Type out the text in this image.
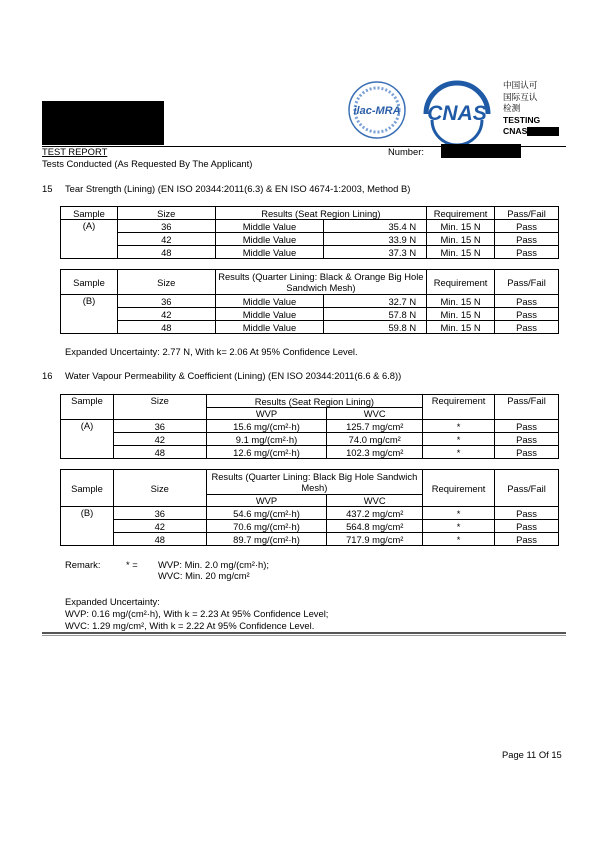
ilac-MRA CNAS
中国认可
国际互认
检测
TESTING
CNAS
TEST REPORT	Number:
Tests Conducted (As Requested By The Applicant)
15 Tear Strength (Lining) (EN ISO 20344:2011(6.3) & EN ISO 4674-1:2003, Method B)
Sample	Size	Results (Seat Region Lining)		Requirement	Pass/Fail
(A)	36	Middle Value	35.4 N	Min. 15 N	Pass
	42	Middle Value	33.9 N	Min. 15 N	Pass
	48	Middle Value	37.3 N	Min. 15 N	Pass
Sample	Size	Results (Quarter Lining: Black & Orange Big Hole Sandwich Mesh)		Requirement	Pass/Fail
(B)	36	Middle Value	32.7 N	Min. 15 N	Pass
	42	Middle Value	57.8 N	Min. 15 N	Pass
	48	Middle Value	59.8 N	Min. 15 N	Pass
Expanded Uncertainty: 2.77 N, With k= 2.06 At 95% Confidence Level.
16 Water Vapour Permeability & Coefficient (Lining) (EN ISO 20344:2011(6.6 & 6.8))
Sample	Size	Results (Seat Region Lining)		Requirement	Pass/Fail
		WVP	WVC		
(A)	36	15.6 mg/(cm²·h)	125.7 mg/cm²	*	Pass
	42	9.1 mg/(cm²·h)	74.0 mg/cm²	*	Pass
	48	12.6 mg/(cm²·h)	102.3 mg/cm²	*	Pass
Sample	Size	Results (Quarter Lining: Black Big Hole Sandwich Mesh)		Requirement	Pass/Fail
		WVP	WVC		
(B)	36	54.6 mg/(cm²·h)	437.2 mg/cm²	*	Pass
	42	70.6 mg/(cm²·h)	564.8 mg/cm²	*	Pass
	48	89.7 mg/(cm²·h)	717.9 mg/cm²	*	Pass
Remark:	* = WVP: Min. 2.0 mg/(cm²·h);
WVC: Min. 20 mg/cm²
Expanded Uncertainty:
WVP: 0.16 mg/(cm²·h), With k = 2.23 At 95% Confidence Level;
WVC: 1.29 mg/cm², With k = 2.22 At 95% Confidence Level.
Page 11 Of 15
